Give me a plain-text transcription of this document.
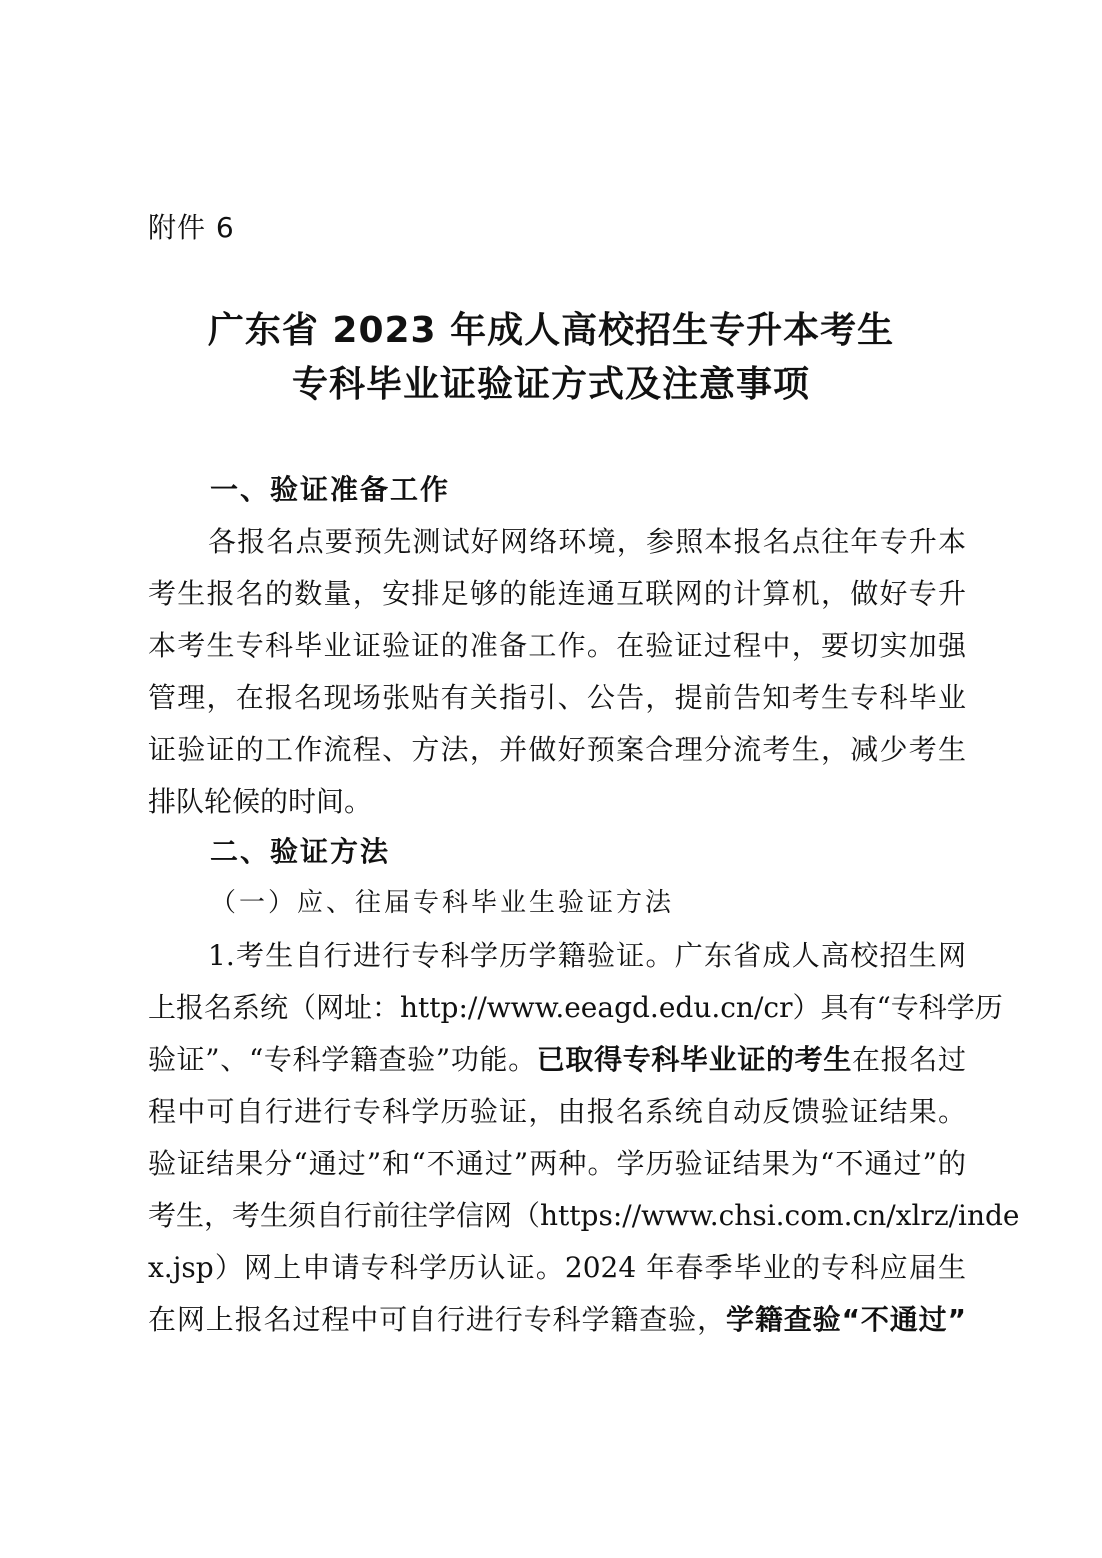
附件 6
广东省 2023 年成人高校招生专升本考生
专科毕业证验证方式及注意事项
一、验证准备工作
各报名点要预先测试好网络环境，参照本报名点往年专升本
考生报名的数量，安排足够的能连通互联网的计算机，做好专升
本考生专科毕业证验证的准备工作。在验证过程中，要切实加强
管理，在报名现场张贴有关指引、公告，提前告知考生专科毕业
证验证的工作流程、方法，并做好预案合理分流考生，减少考生
排队轮候的时间。
二、验证方法
（一）应、往届专科毕业生验证方法
1.考生自行进行专科学历学籍验证。广东省成人高校招生网
上报名系统（网址：http://www.eeagd.edu.cn/cr）具有“专科学历
验证”、“专科学籍查验”功能。已取得专科毕业证的考生在报名过
程中可自行进行专科学历验证，由报名系统自动反馈验证结果。
验证结果分“通过”和“不通过”两种。学历验证结果为“不通过”的
考生，考生须自行前往学信网（https://www.chsi.com.cn/xlrz/inde
x.jsp）网上申请专科学历认证。2024 年春季毕业的专科应届生
在网上报名过程中可自行进行专科学籍查验，学籍查验“不通过”
